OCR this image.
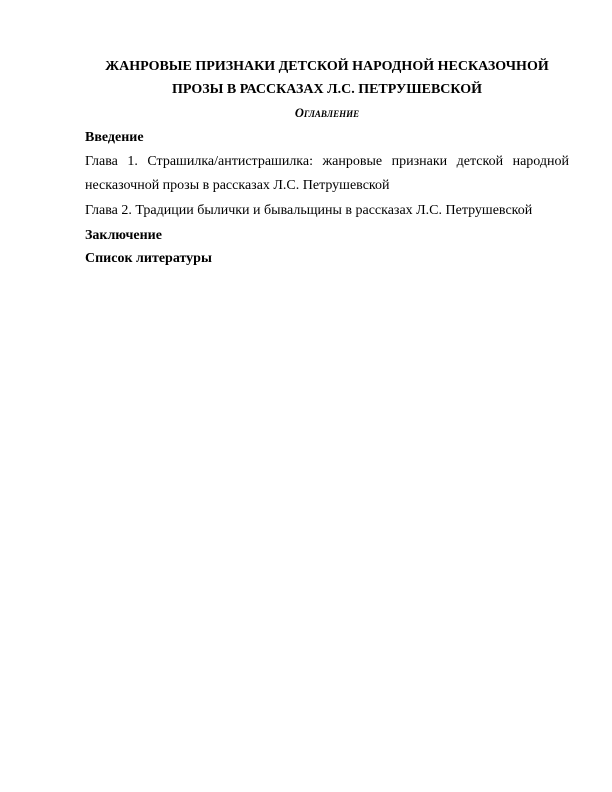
ЖАНРОВЫЕ ПРИЗНАКИ ДЕТСКОЙ НАРОДНОЙ НЕСКАЗОЧНОЙ
ПРОЗЫ В РАССКАЗАХ Л.С. ПЕТРУШЕВСКОЙ
Оглавление
Введение
Глава 1. Страшилка/антистрашилка: жанровые признаки детской народной
несказочной прозы в рассказах Л.С. Петрушевской
Глава 2. Традиции былички и бывальщины в рассказах Л.С. Петрушевской
Заключение
Список литературы
